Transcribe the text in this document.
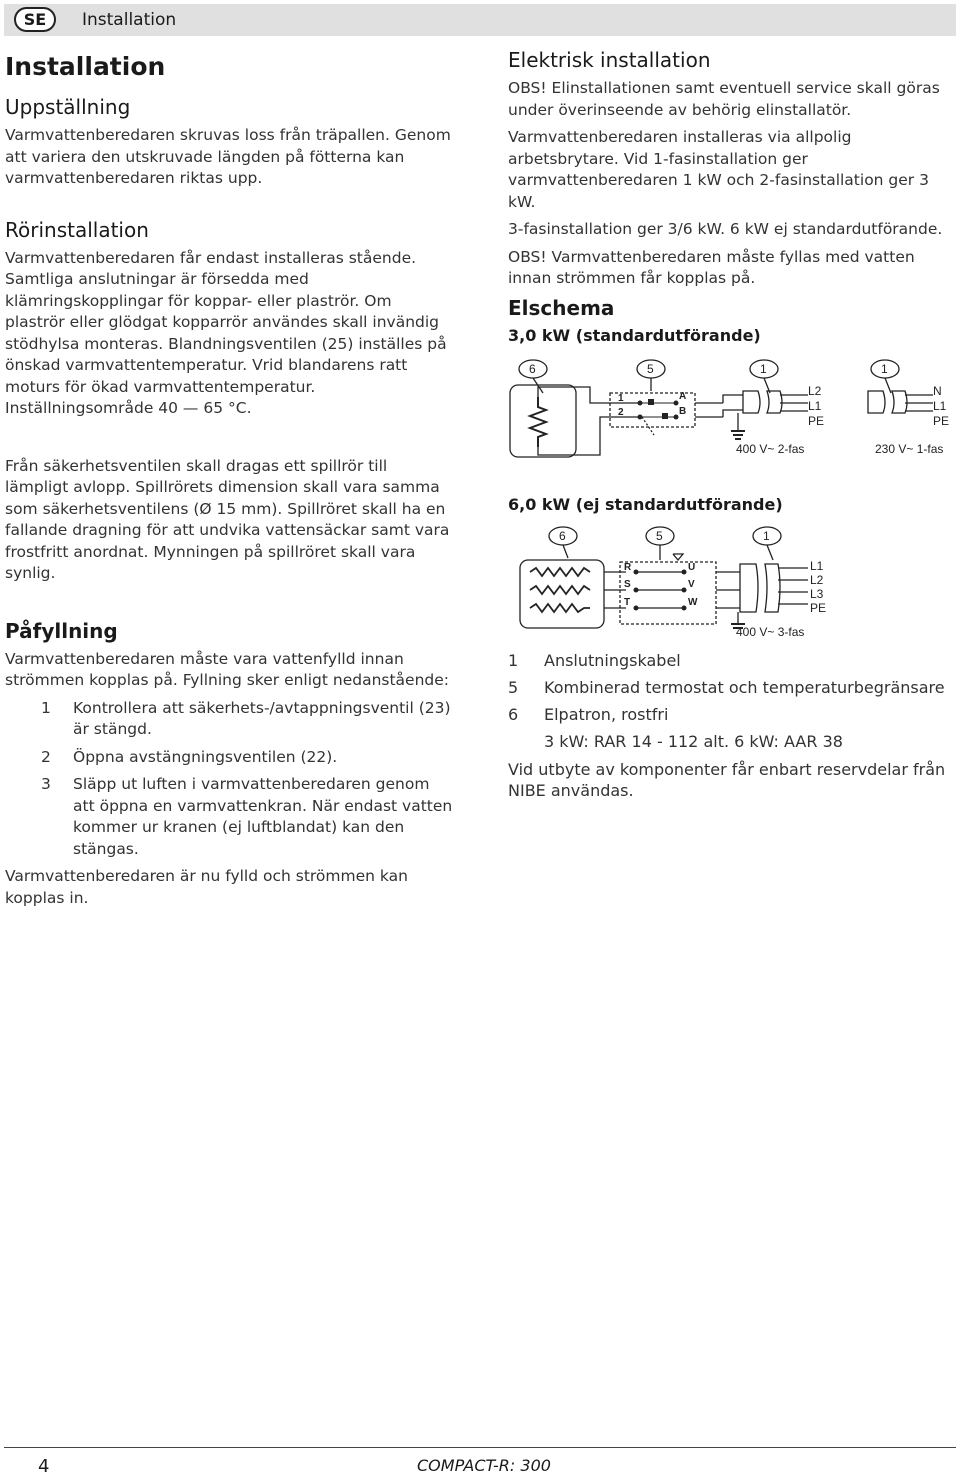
SE	Installation
Installation
Uppställning

Varmvattenberedaren skruvas loss från träpallen. Genom att variera den utskruvade längden på fötterna kan varmvattenberedaren riktas upp.

Rörinstallation

Varmvattenberedaren får endast installeras stående. Samtliga anslutningar är försedda med klämringskopplingar för koppar- eller plaströr. Om plaströr eller glödgat kopparrör användes skall invändig stödhylsa monteras. Blandningsventilen (25) inställes på önskad varmvattentemperatur. Vrid blandarens ratt moturs för ökad varmvattentemperatur. Inställningsområde 40 — 65 °C.

Från säkerhetsventilen skall dragas ett spillrör till lämpligt avlopp. Spillrörets dimension skall vara samma som säkerhetsventilens (Ø 15 mm). Spillröret skall ha en fallande dragning för att undvika vattensäckar samt vara frostfritt anordnat. Mynningen på spillröret skall vara synlig.

Påfyllning

Varmvattenberedaren måste vara vattenfylld innan strömmen kopplas på. Fyllning sker enligt nedanstående:

1	Kontrollera att säkerhets-/avtappningsventil (23) är stängd.
2	Öppna avstängningsventilen (22).
3	Släpp ut luften i varmvattenberedaren genom att öppna en varmvattenkran. När endast vatten kommer ur kranen (ej luftblandat) kan den stängas.

Varmvattenberedaren är nu fylld och strömmen kan kopplas in.

Elektrisk installation

OBS! Elinstallationen samt eventuell service skall göras under överinseende av behörig elinstallatör.

Varmvattenberedaren installeras via allpolig arbetsbrytare. Vid 1-fasinstallation ger varmvattenberedaren 1 kW och 2-fasinstallation ger 3 kW.

3-fasinstallation ger 3/6 kW. 6 kW ej standardutförande.

OBS! Varmvattenberedaren måste fyllas med vatten innan strömmen får kopplas på.

Elschema
3,0 kW (standardutförande)
6	5	1	1
1
2
A
B
L2
L1
PE
400 V~ 2-fas
N
L1
PE
230 V~ 1-fas
6,0 kW (ej standardutförande)
6	5	1
R
S
T
U
V
W
L1
L2
L3
PE
400 V~ 3-fas
1	Anslutningskabel
5	Kombinerad termostat och temperaturbegränsare
6	Elpatron, rostfri
3 kW: RAR 14 - 112 alt. 6 kW: AAR 38

Vid utbyte av komponenter får enbart reservdelar från NIBE användas.

4	COMPACT-R: 300
